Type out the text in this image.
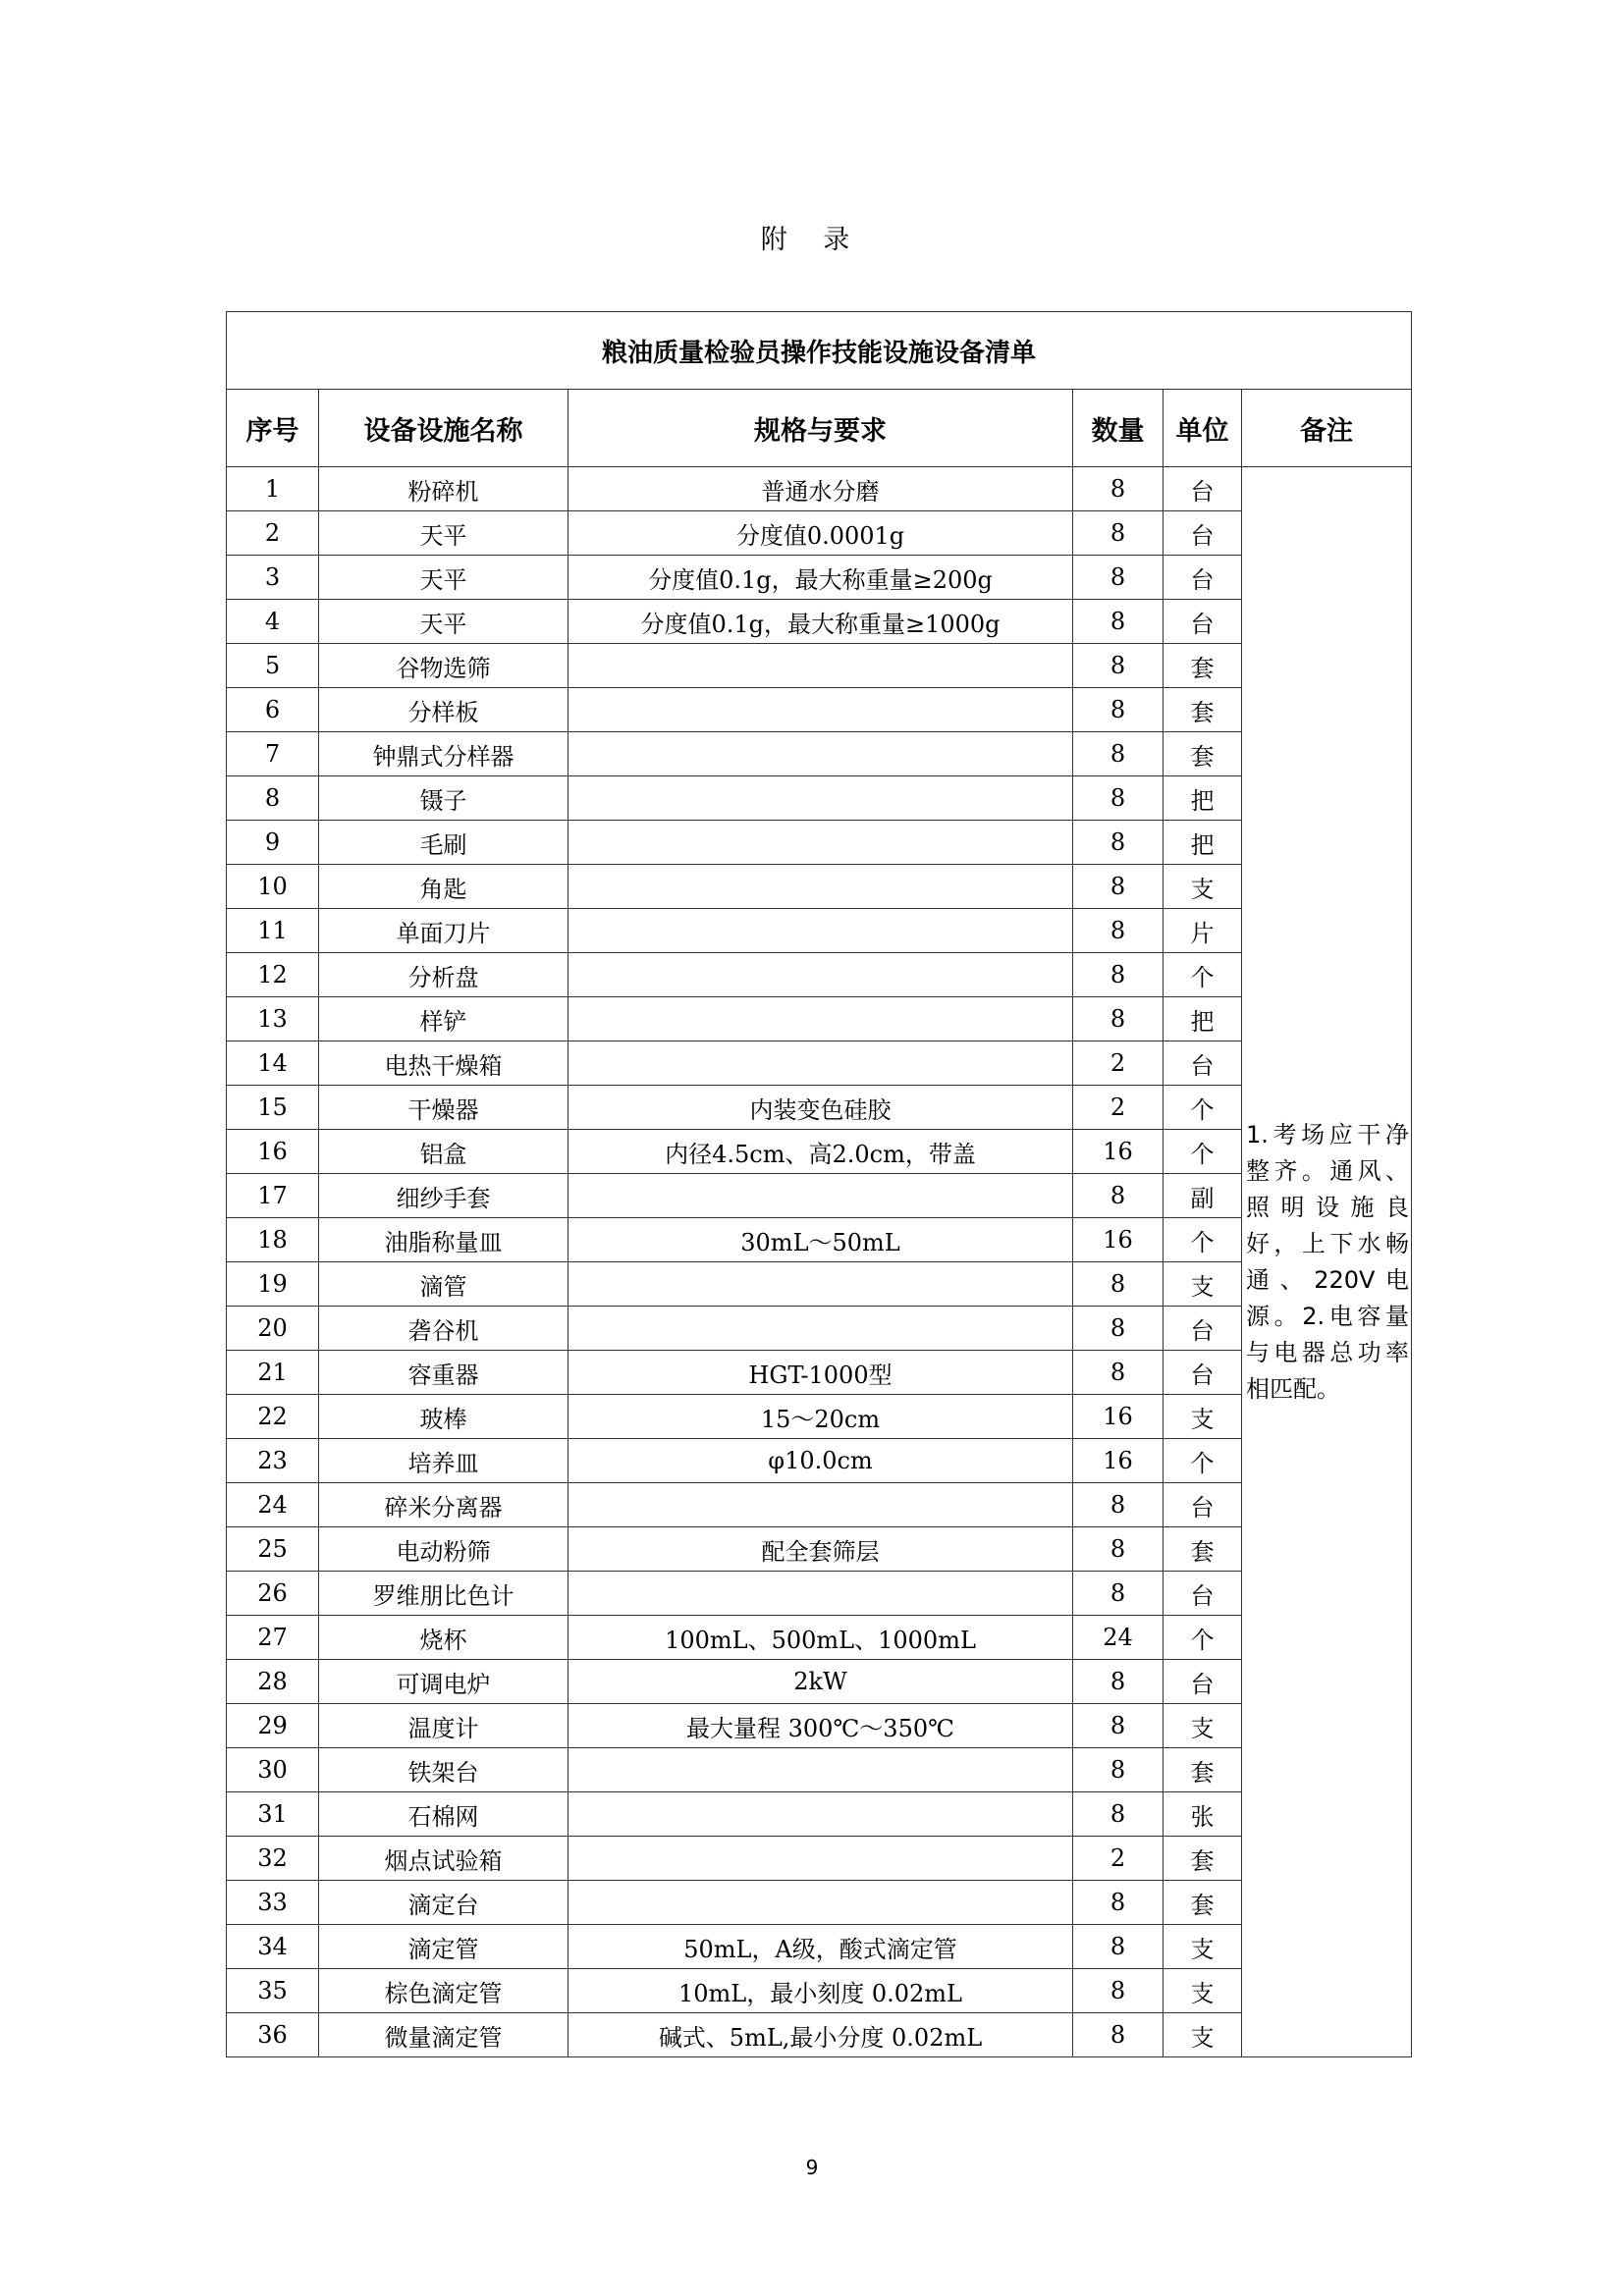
附 录
粮油质量检验员操作技能设施设备清单					
序号	设备设施名称	规格与要求	数量	单位	备注
1	粉碎机	普通水分磨	8	台	1.考场应干净整齐。通风、照明设施良好，上下水畅通、220V电源。2.电容量与电器总功率相匹配。
2	天平	分度值0.0001g	8	台	
3	天平	分度值0.1g，最大称重量≥200g	8	台	
4	天平	分度值0.1g，最大称重量≥1000g	8	台	
5	谷物选筛		8	套	
6	分样板		8	套	
7	钟鼎式分样器		8	套	
8	镊子		8	把	
9	毛刷		8	把	
10	角匙		8	支	
11	单面刀片		8	片	
12	分析盘		8	个	
13	样铲		8	把	
14	电热干燥箱		2	台	
15	干燥器	内装变色硅胶	2	个	
16	铝盒	内径4.5cm、高2.0cm，带盖	16	个	
17	细纱手套		8	副	
18	油脂称量皿	30mL～50mL	16	个	
19	滴管		8	支	
20	砻谷机		8	台	
21	容重器	HGT-1000型	8	台	
22	玻棒	15～20cm	16	支	
23	培养皿	φ10.0cm	16	个	
24	碎米分离器		8	台	
25	电动粉筛	配全套筛层	8	套	
26	罗维朋比色计		8	台	
27	烧杯	100mL、500mL、1000mL	24	个	
28	可调电炉	2kW	8	台	
29	温度计	最大量程 300℃～350℃	8	支	
30	铁架台		8	套	
31	石棉网		8	张	
32	烟点试验箱		2	套	
33	滴定台		8	套	
34	滴定管	50mL，A级，酸式滴定管	8	支	
35	棕色滴定管	10mL，最小刻度 0.02mL	8	支	
36	微量滴定管	碱式、5mL,最小分度 0.02mL	8	支	
9
